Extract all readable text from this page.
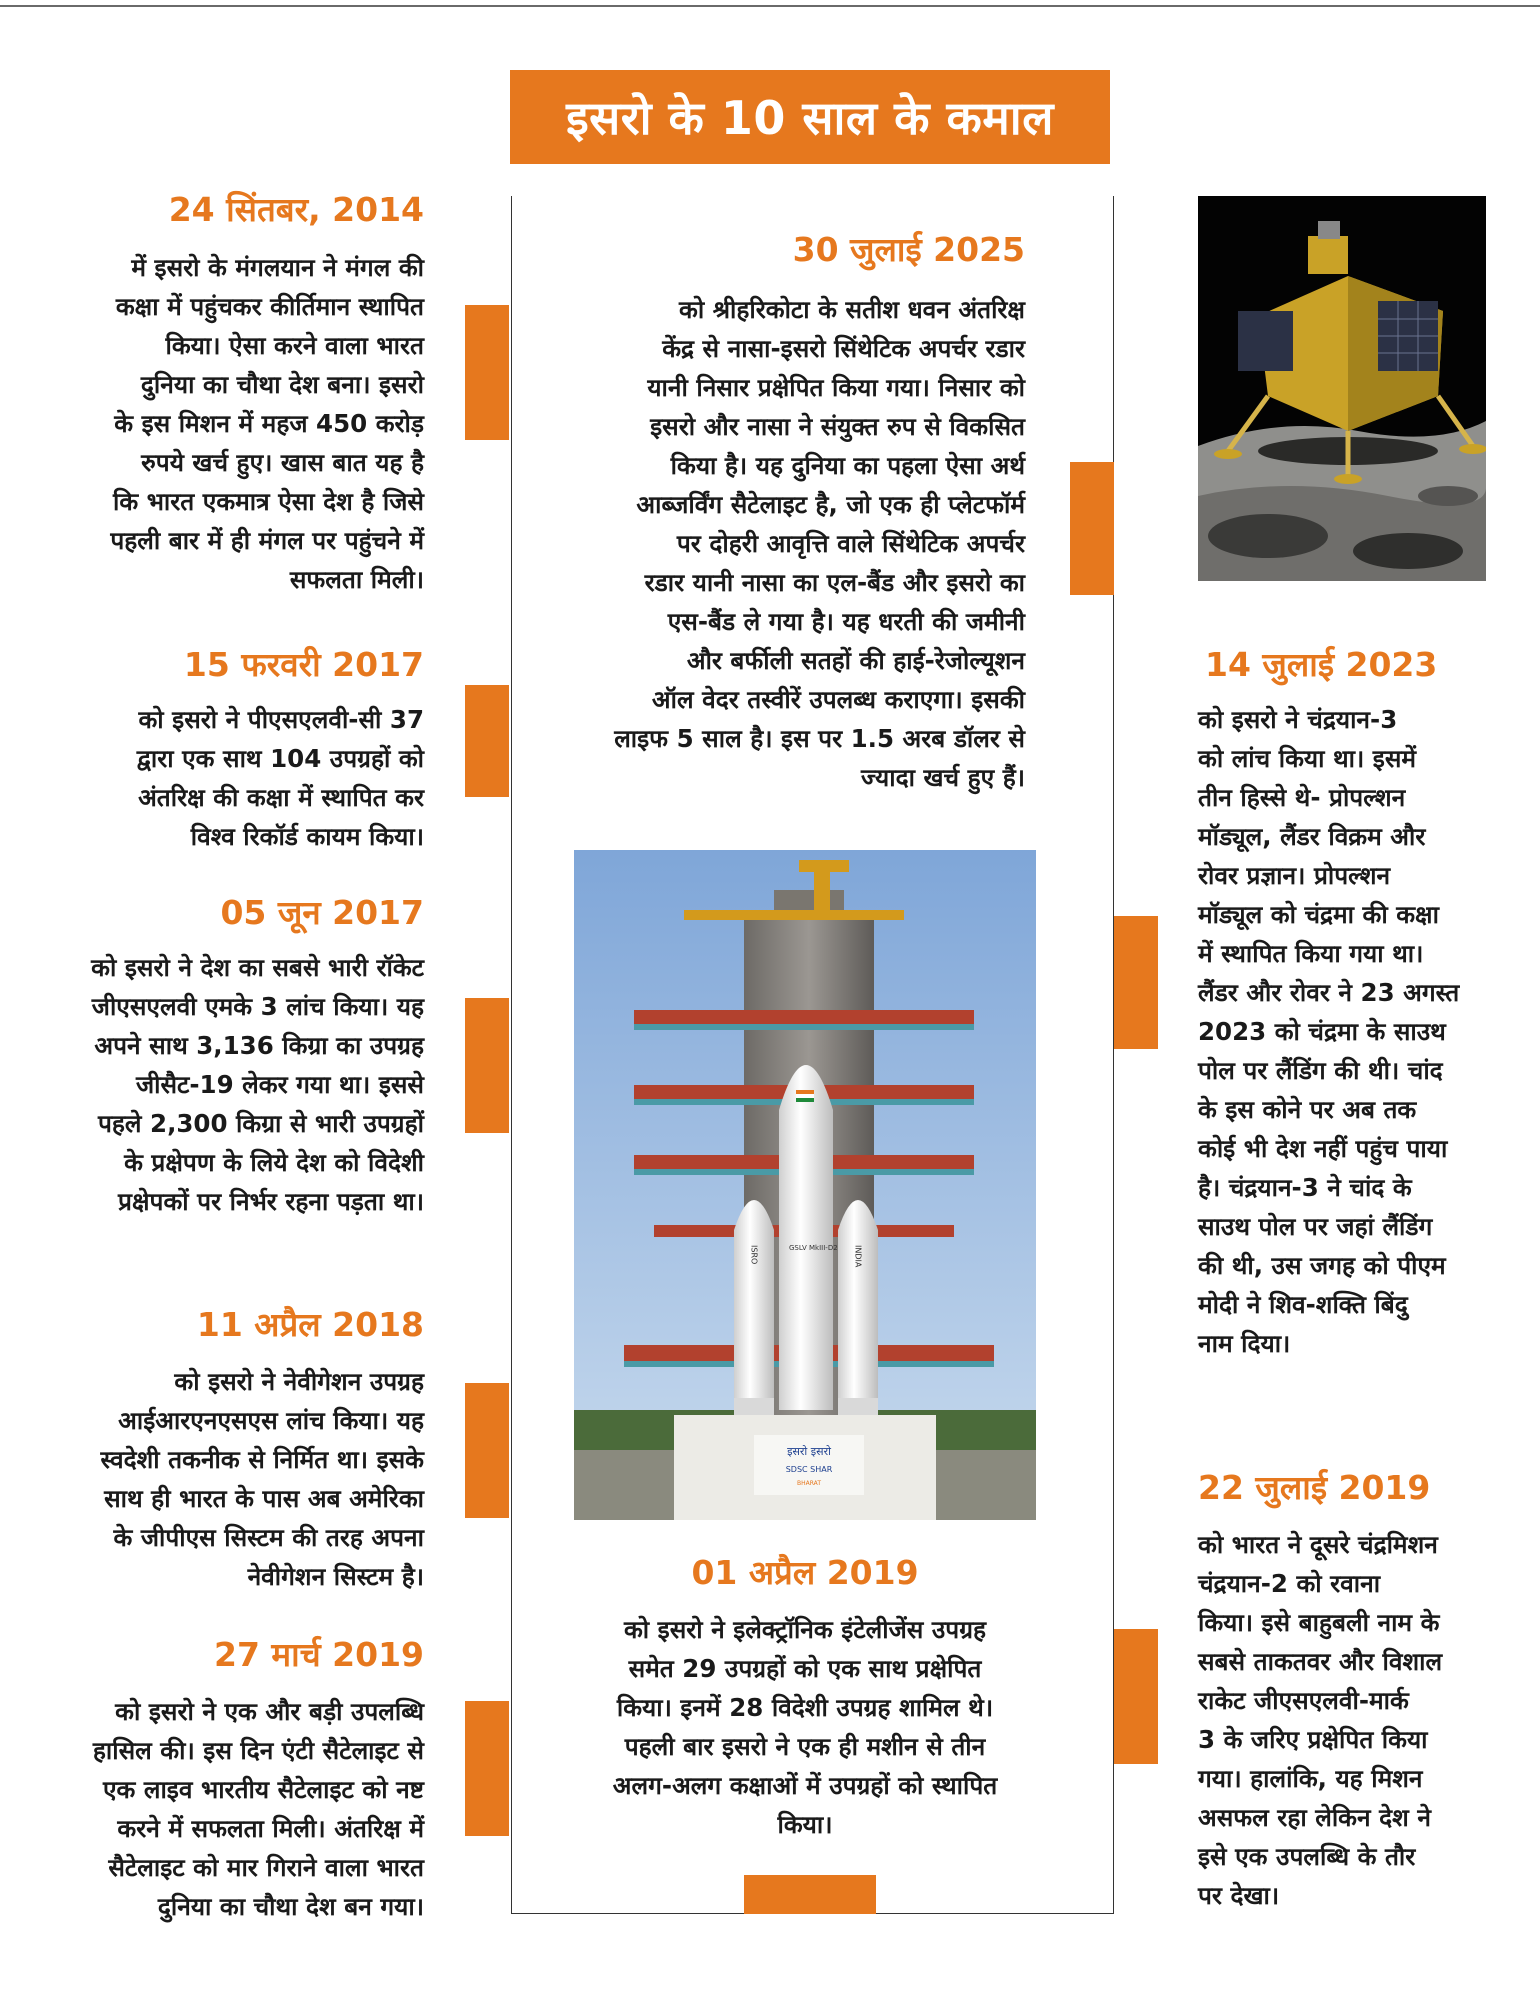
इसरो के 10 साल के कमाल
24 सिंतबर, 2014
में इसरो के मंगलयान ने मंगल की
कक्षा में पहुंचकर कीर्तिमान स्थापित
किया। ऐसा करने वाला भारत
दुनिया का चौथा देश बना। इसरो
के इस मिशन में महज 450 करोड़
रुपये खर्च हुए। खास बात यह है
कि भारत एकमात्र ऐसा देश है जिसे
पहली बार में ही मंगल पर पहुंचने में
सफलता मिली।
15 फरवरी 2017
को इसरो ने पीएसएलवी-सी 37
द्वारा एक साथ 104 उपग्रहों को
अंतरिक्ष की कक्षा में स्थापित कर
विश्व रिकॉर्ड कायम किया।
05 जून 2017
को इसरो ने देश का सबसे भारी रॉकेट
जीएसएलवी एमके 3 लांच किया। यह
अपने साथ 3,136 किग्रा का उपग्रह
जीसैट-19 लेकर गया था। इससे
पहले 2,300 किग्रा से भारी उपग्रहों
के प्रक्षेपण के लिये देश को विदेशी
प्रक्षेपकों पर निर्भर रहना पड़ता था।
11 अप्रैल 2018
को इसरो ने नेवीगेशन उपग्रह
आईआरएनएसएस लांच किया। यह
स्वदेशी तकनीक से निर्मित था। इसके
साथ ही भारत के पास अब अमेरिका
के जीपीएस सिस्टम की तरह अपना
नेवीगेशन सिस्टम है।
27 मार्च 2019
को इसरो ने एक और बड़ी उपलब्धि
हासिल की। इस दिन एंटी सैटेलाइट से
एक लाइव भारतीय सैटेलाइट को नष्ट
करने में सफलता मिली। अंतरिक्ष में
सैटेलाइट को मार गिराने वाला भारत
दुनिया का चौथा देश बन गया।
30 जुलाई 2025
को श्रीहरिकोटा के सतीश धवन अंतरिक्ष
केंद्र से नासा-इसरो सिंथेटिक अपर्चर रडार
यानी निसार प्रक्षेपित किया गया। निसार को
इसरो और नासा ने संयुक्त रुप से विकसित
किया है। यह दुनिया का पहला ऐसा अर्थ
आब्जर्विंग सैटेलाइट है, जो एक ही प्लेटफॉर्म
पर दोहरी आवृत्ति वाले सिंथेटिक अपर्चर
रडार यानी नासा का एल-बैंड और इसरो का
एस-बैंड ले गया है। यह धरती की जमीनी
और बर्फीली सतहों की हाई-रेजोल्यूशन
ऑल वेदर तस्वीरें उपलब्ध कराएगा। इसकी
लाइफ 5 साल है। इस पर 1.5 अरब डॉलर से
ज्यादा खर्च हुए हैं।
ISRO	GSLV MkIII-D2 INDIA
इसरो इसरो
SDSC SHAR
BHARAT
01 अप्रैल 2019
को इसरो ने इलेक्ट्रॉनिक इंटेलीजेंस उपग्रह
समेत 29 उपग्रहों को एक साथ प्रक्षेपित
किया। इनमें 28 विदेशी उपग्रह शामिल थे।
पहली बार इसरो ने एक ही मशीन से तीन
अलग-अलग कक्षाओं में उपग्रहों को स्थापित
किया।
14 जुलाई 2023
को इसरो ने चंद्रयान-3
को लांच किया था। इसमें
तीन हिस्से थे- प्रोपल्शन
मॉड्यूल, लैंडर विक्रम और
रोवर प्रज्ञान। प्रोपल्शन
मॉड्यूल को चंद्रमा की कक्षा
में स्थापित किया गया था।
लैंडर और रोवर ने 23 अगस्त
2023 को चंद्रमा के साउथ
पोल पर लैंडिंग की थी। चांद
के इस कोने पर अब तक
कोई भी देश नहीं पहुंच पाया
है। चंद्रयान-3 ने चांद के
साउथ पोल पर जहां लैंडिंग
की थी, उस जगह को पीएम
मोदी ने शिव-शक्ति बिंदु
नाम दिया।
22 जुलाई 2019
को भारत ने दूसरे चंद्रमिशन
चंद्रयान-2 को रवाना
किया। इसे बाहुबली नाम के
सबसे ताकतवर और विशाल
राकेट जीएसएलवी-मार्क
3 के जरिए प्रक्षेपित किया
गया। हालांकि, यह मिशन
असफल रहा लेकिन देश ने
इसे एक उपलब्धि के तौर
पर देखा।
